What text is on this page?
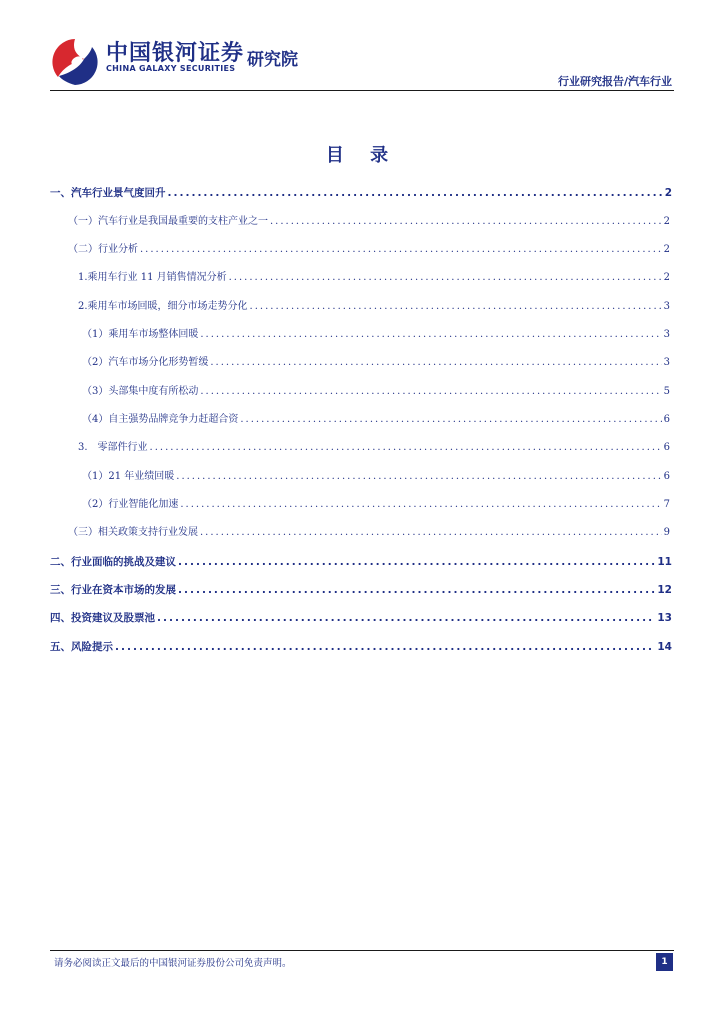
中国银河证券
CHINA GALAXY SECURITIES 研究院
行业研究报告/汽车行业
目 录
一、汽车行业景气度回升 .....	2
（一）汽车行业是我国最重要的支柱产业之一 .....	2
（二）行业分析 .....	2
1.乘用车行业 11 月销售情况分析 .....	2
2.乘用车市场回暖，细分市场走势分化 .....	3
（1）乘用车市场整体回暖 .....	3
（2）汽车市场分化形势暂缓 .....	3
（3）头部集中度有所松动 .....	5
（4）自主强势品牌竞争力赶超合资 .....	6
3.　零部件行业 .....	6
（1）21 年业绩回暖 .....	6
（2）行业智能化加速 .....	7
（三）相关政策支持行业发展 .....	9
二、行业面临的挑战及建议 .....	11
三、行业在资本市场的发展 .....	12
四、投资建议及股票池 .....	13
五、风险提示 .....	14
请务必阅读正文最后的中国银河证券股份公司免责声明。	1
